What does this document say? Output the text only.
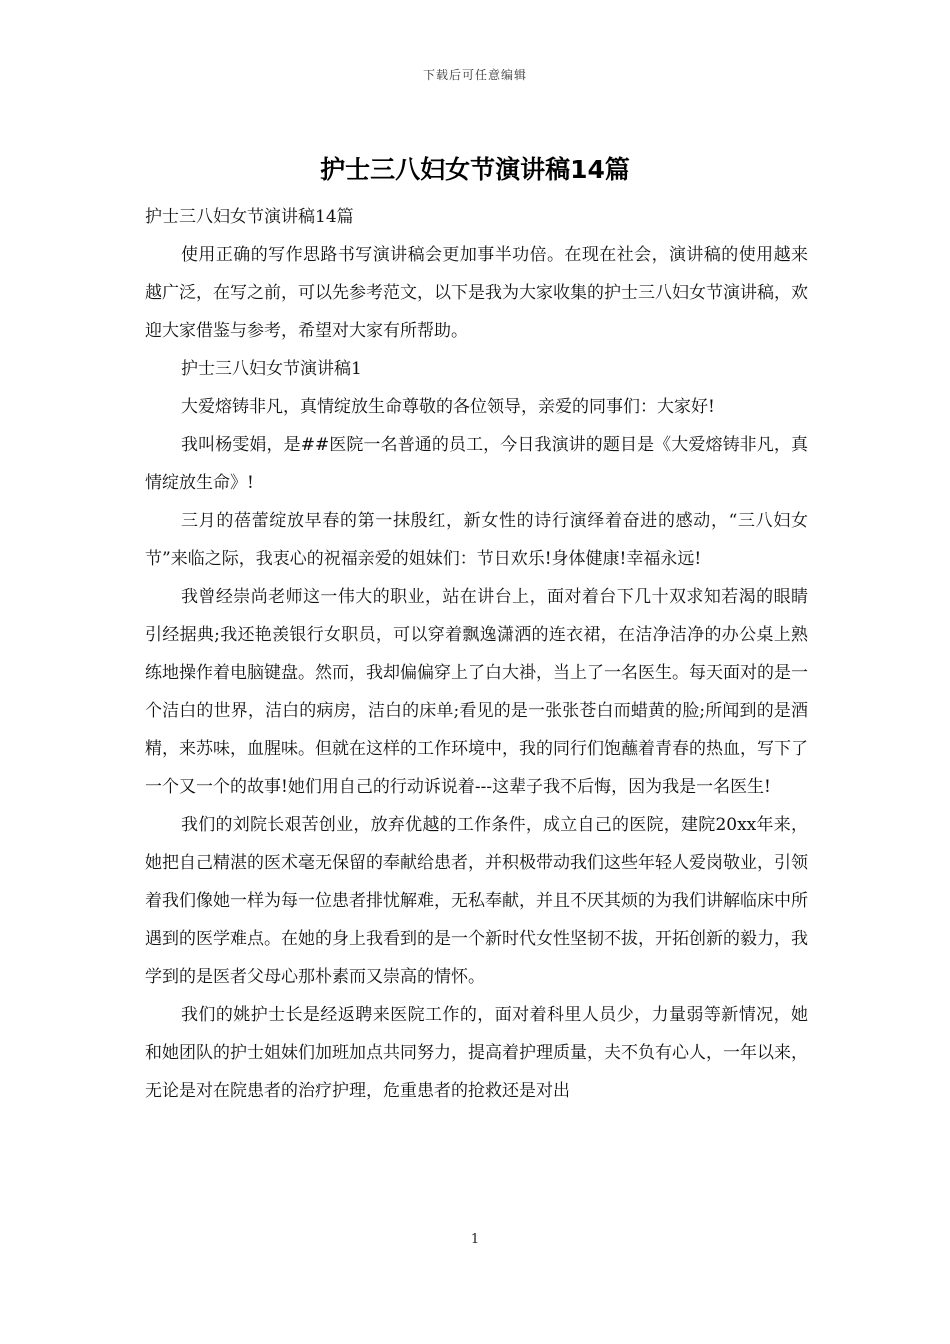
下载后可任意编辑
护士三八妇女节演讲稿14篇

护士三八妇女节演讲稿14篇

使用正确的写作思路书写演讲稿会更加事半功倍。在现在社会，演讲稿的使用越来越广泛，在写之前，可以先参考范文，以下是我为大家收集的护士三八妇女节演讲稿，欢迎大家借鉴与参考，希望对大家有所帮助。

护士三八妇女节演讲稿1

大爱熔铸非凡，真情绽放生命尊敬的各位领导，亲爱的同事们：大家好!

我叫杨雯娟，是##医院一名普通的员工，今日我演讲的题目是《大爱熔铸非凡，真情绽放生命》!

三月的蓓蕾绽放早春的第一抹殷红，新女性的诗行演绎着奋进的感动，“三八妇女节”来临之际，我衷心的祝福亲爱的姐妹们：节日欢乐!身体健康!幸福永远!

我曾经崇尚老师这一伟大的职业，站在讲台上，面对着台下几十双求知若渴的眼睛引经据典;我还艳羡银行女职员，可以穿着飘逸潇洒的连衣裙，在洁净洁净的办公桌上熟练地操作着电脑键盘。然而，我却偏偏穿上了白大褂，当上了一名医生。每天面对的是一个洁白的世界，洁白的病房，洁白的床单;看见的是一张张苍白而蜡黄的脸;所闻到的是酒精，来苏味，血腥味。但就在这样的工作环境中，我的同行们饱蘸着青春的热血，写下了一个又一个的故事!她们用自己的行动诉说着---这辈子我不后悔，因为我是一名医生!

我们的刘院长艰苦创业，放弃优越的工作条件，成立自己的医院，建院20xx年来，她把自己精湛的医术毫无保留的奉献给患者，并积极带动我们这些年轻人爱岗敬业，引领着我们像她一样为每一位患者排忧解难，无私奉献，并且不厌其烦的为我们讲解临床中所遇到的医学难点。在她的身上我看到的是一个新时代女性坚韧不拔，开拓创新的毅力，我学到的是医者父母心那朴素而又崇高的情怀。

我们的姚护士长是经返聘来医院工作的，面对着科里人员少，力量弱等新情况，她和她团队的护士姐妹们加班加点共同努力，提高着护理质量，夫不负有心人，一年以来，无论是对在院患者的治疗护理，危重患者的抢救还是对出

1
